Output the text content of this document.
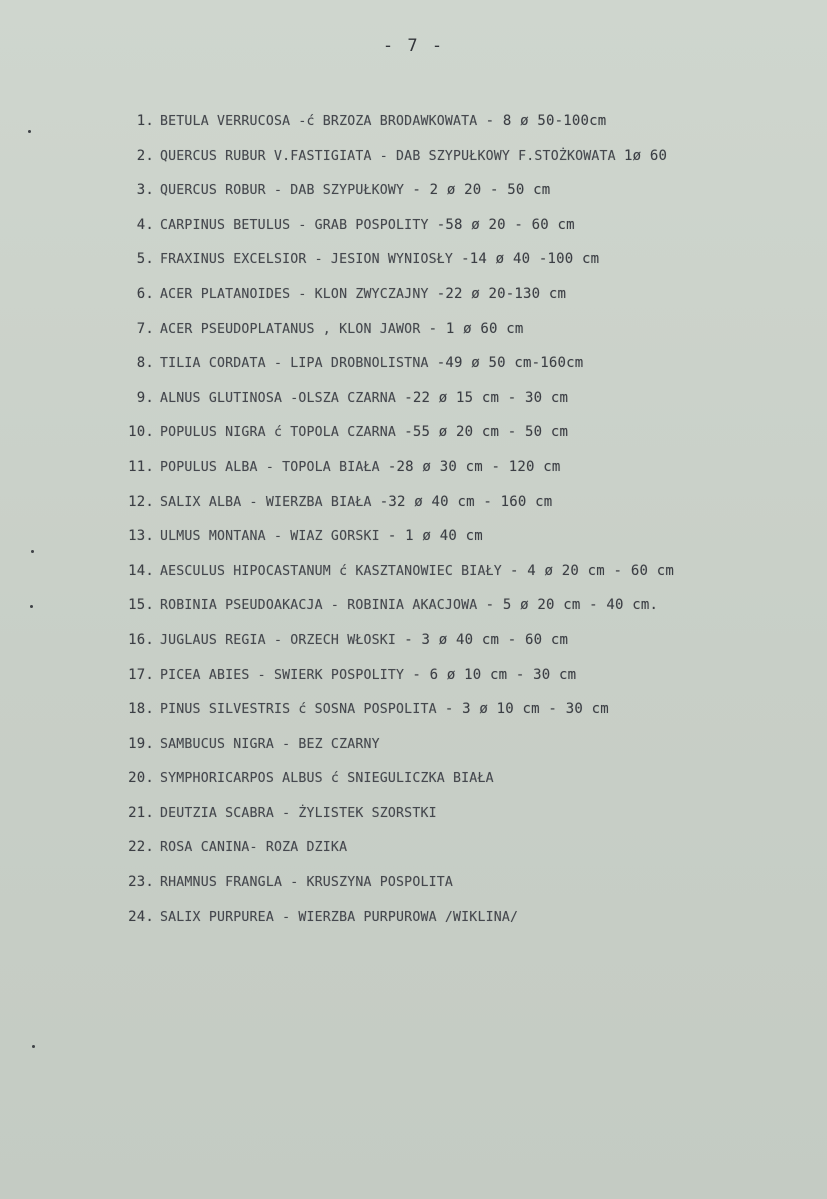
- 7 -
1. BETULA VERRUCOSA -ć BRZOZA BRODAWKOWATA - 8 ø 50-100cm
2. QUERCUS RUBUR V.FASTIGIATA - DAB SZYPUŁKOWY F.STOŻKOWATA 1ø 60
3. QUERCUS ROBUR - DAB SZYPUŁKOWY - 2 ø 20 - 50 cm
4. CARPINUS BETULUS - GRAB POSPOLITY -58 ø 20 - 60 cm
5. FRAXINUS EXCELSIOR - JESION WYNIOSŁY -14 ø 40 -100 cm
6. ACER PLATANOIDES - KLON ZWYCZAJNY -22 ø 20-130 cm
7. ACER PSEUDOPLATANUS , KLON JAWOR - 1 ø 60 cm
8. TILIA CORDATA - LIPA DROBNOLISTNA -49 ø 50 cm-160cm
9. ALNUS GLUTINOSA -OLSZA CZARNA -22 ø 15 cm - 30 cm
10. POPULUS NIGRA ć TOPOLA CZARNA -55 ø 20 cm - 50 cm
11. POPULUS ALBA - TOPOLA BIAŁA -28 ø 30 cm - 120 cm
12. SALIX ALBA - WIERZBA BIAŁA -32 ø 40 cm - 160 cm
13. ULMUS MONTANA - WIAZ GORSKI - 1 ø 40 cm
14. AESCULUS HIPOCASTANUM ć KASZTANOWIEC BIAŁY - 4 ø 20 cm - 60 cm
15. ROBINIA PSEUDOAKACJA - ROBINIA AKACJOWA - 5 ø 20 cm - 40 cm.
16. JUGLAUS REGIA - ORZECH WŁOSKI - 3 ø 40 cm - 60 cm
17. PICEA ABIES - SWIERK POSPOLITY - 6 ø 10 cm - 30 cm
18. PINUS SILVESTRIS ć SOSNA POSPOLITA - 3 ø 10 cm - 30 cm
19. SAMBUCUS NIGRA - BEZ CZARNY
20. SYMPHORICARPOS ALBUS ć SNIEGULICZKA BIAŁA
21. DEUTZIA SCABRA - ŻYLISTEK SZORSTKI
22. ROSA CANINA- ROZA DZIKA
23. RHAMNUS FRANGLA - KRUSZYNA POSPOLITA
24. SALIX PURPUREA - WIERZBA PURPUROWA /WIKLINA/
